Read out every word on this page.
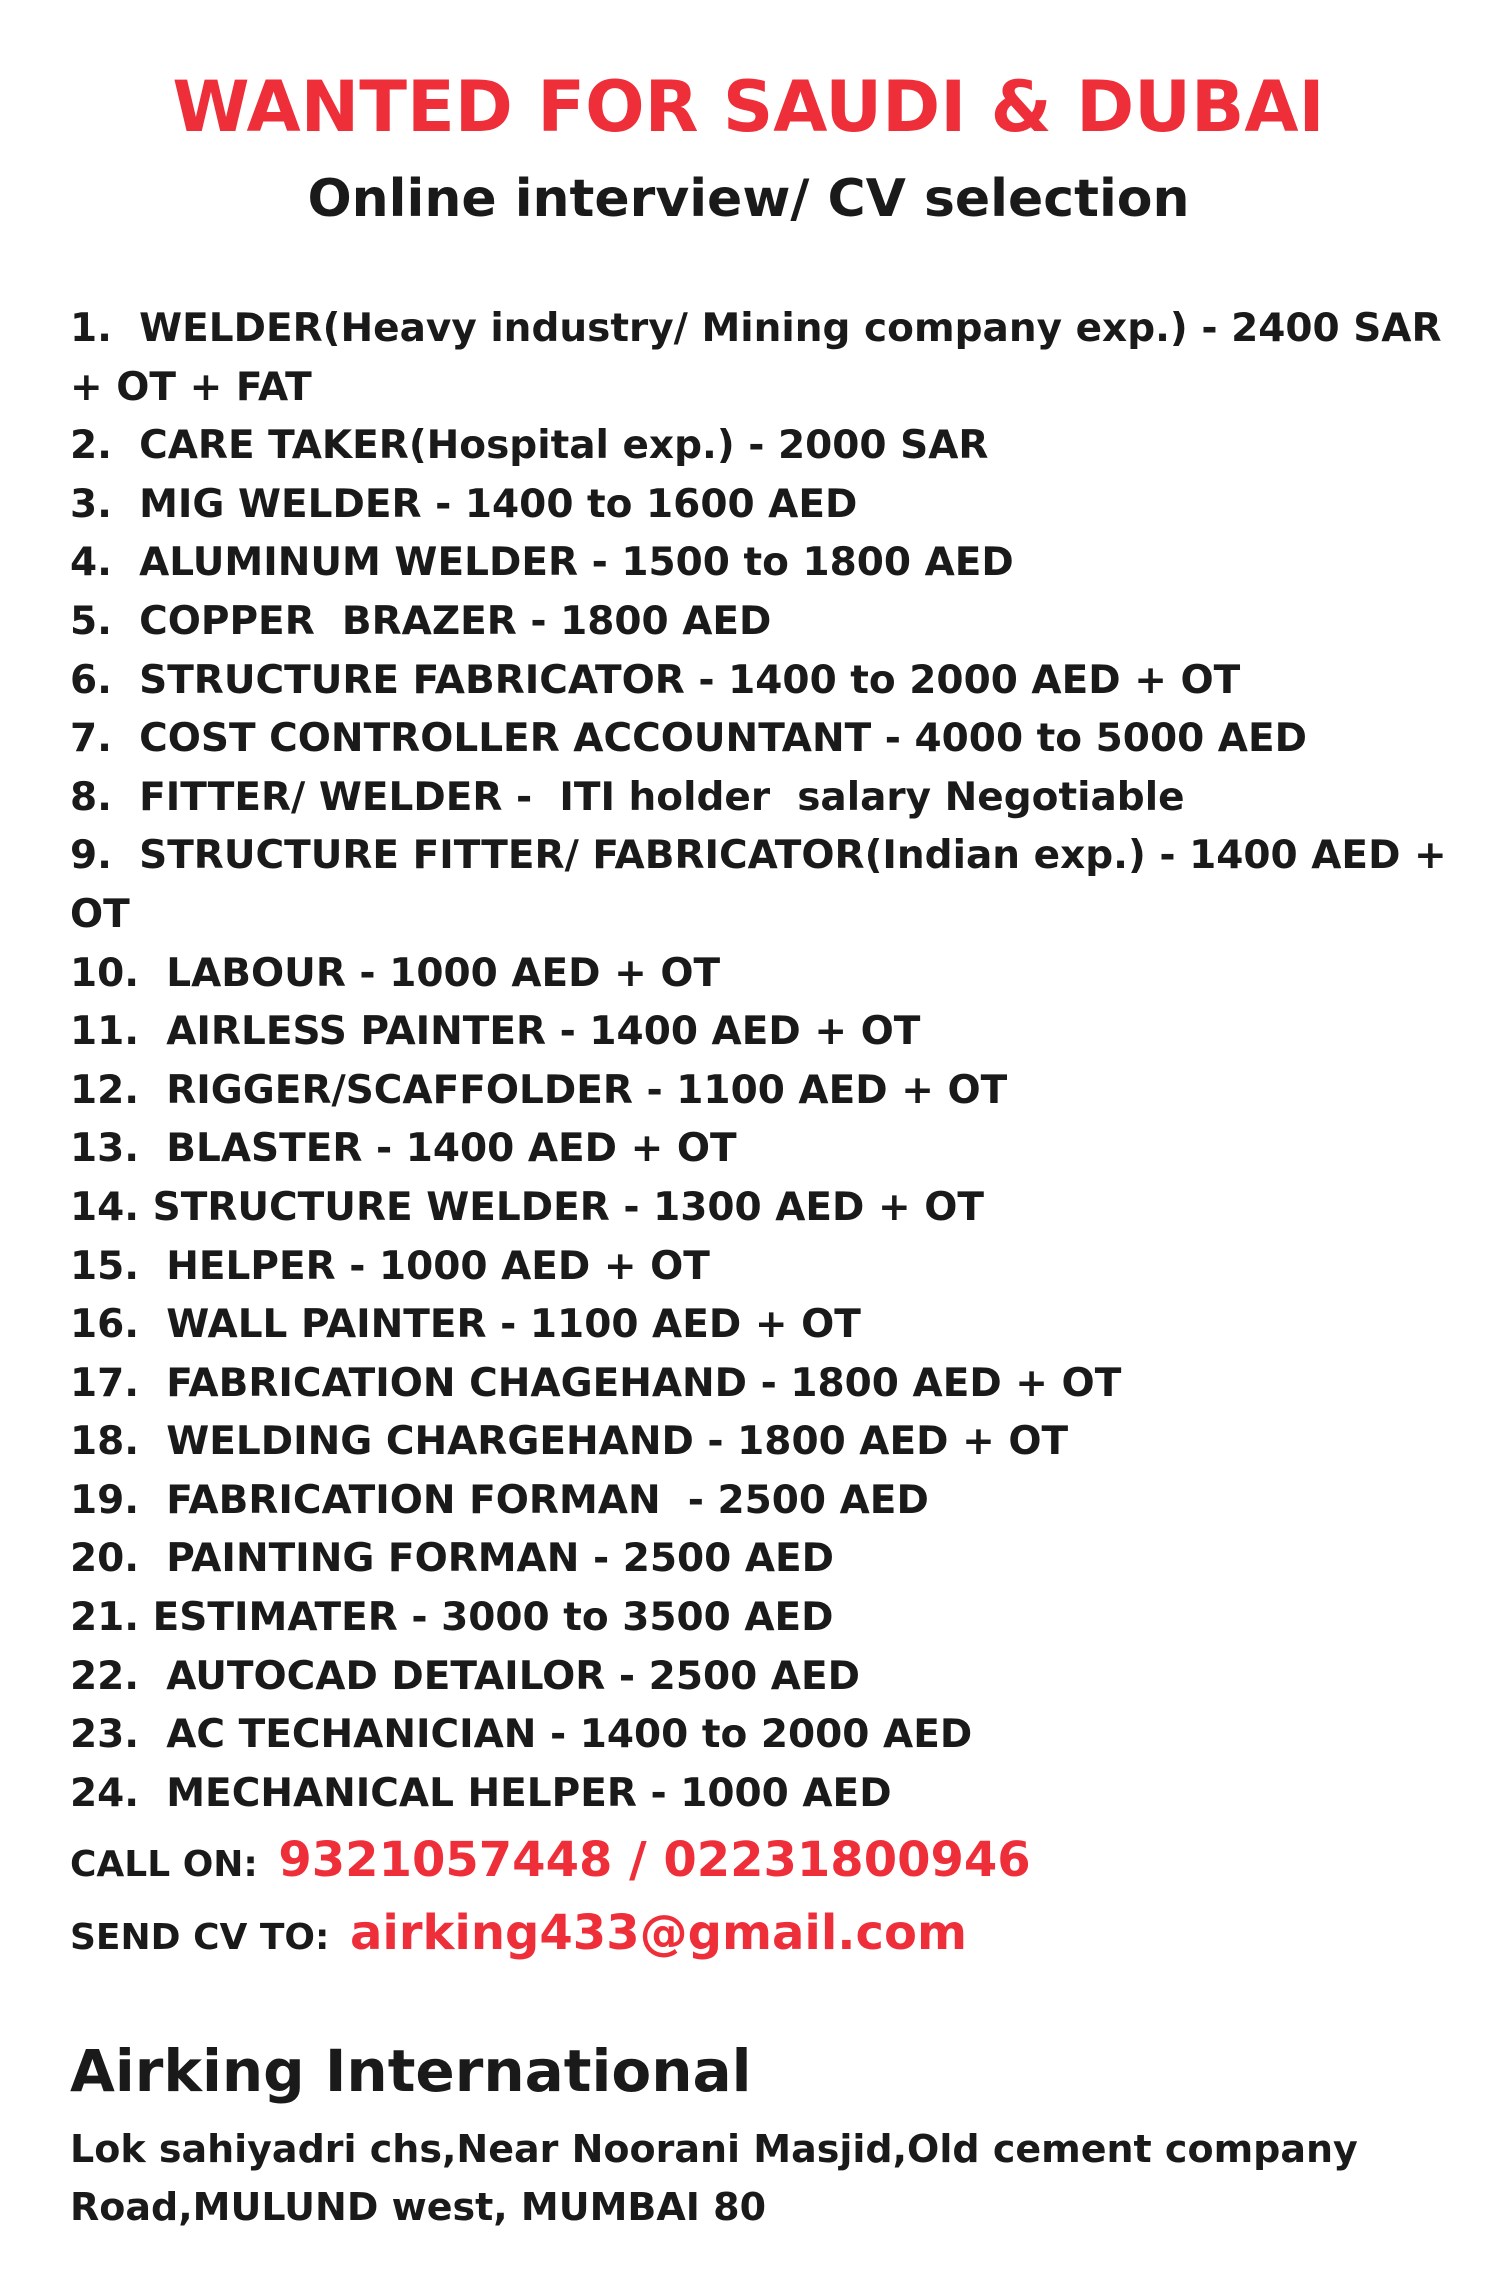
WANTED FOR SAUDI & DUBAI
Online interview/ CV selection
1.  WELDER(Heavy industry/ Mining company exp.) - 2400 SAR + OT + FAT
2.  CARE TAKER(Hospital exp.) - 2000 SAR
3.  MIG WELDER - 1400 to 1600 AED
4.  ALUMINUM WELDER - 1500 to 1800 AED
5.  COPPER  BRAZER - 1800 AED
6.  STRUCTURE FABRICATOR - 1400 to 2000 AED + OT
7.  COST CONTROLLER ACCOUNTANT - 4000 to 5000 AED
8.  FITTER/ WELDER -  ITI holder  salary Negotiable
9.  STRUCTURE FITTER/ FABRICATOR(Indian exp.) - 1400 AED + OT
10.  LABOUR - 1000 AED + OT
11.  AIRLESS PAINTER - 1400 AED + OT
12.  RIGGER/SCAFFOLDER - 1100 AED + OT
13.  BLASTER - 1400 AED + OT
14. STRUCTURE WELDER - 1300 AED + OT
15.  HELPER - 1000 AED + OT
16.  WALL PAINTER - 1100 AED + OT
17.  FABRICATION CHAGEHAND - 1800 AED + OT
18.  WELDING CHARGEHAND - 1800 AED + OT
19.  FABRICATION FORMAN  - 2500 AED
20.  PAINTING FORMAN - 2500 AED
21. ESTIMATER - 3000 to 3500 AED
22.  AUTOCAD DETAILOR - 2500 AED
23.  AC TECHANICIAN - 1400 to 2000 AED
24.  MECHANICAL HELPER - 1000 AED
CALL ON: 9321057448 / 02231800946
SEND CV TO: airking433@gmail.com
Airking International
Lok sahiyadri chs,Near Noorani Masjid,Old cement company Road,MULUND west, MUMBAI 80
